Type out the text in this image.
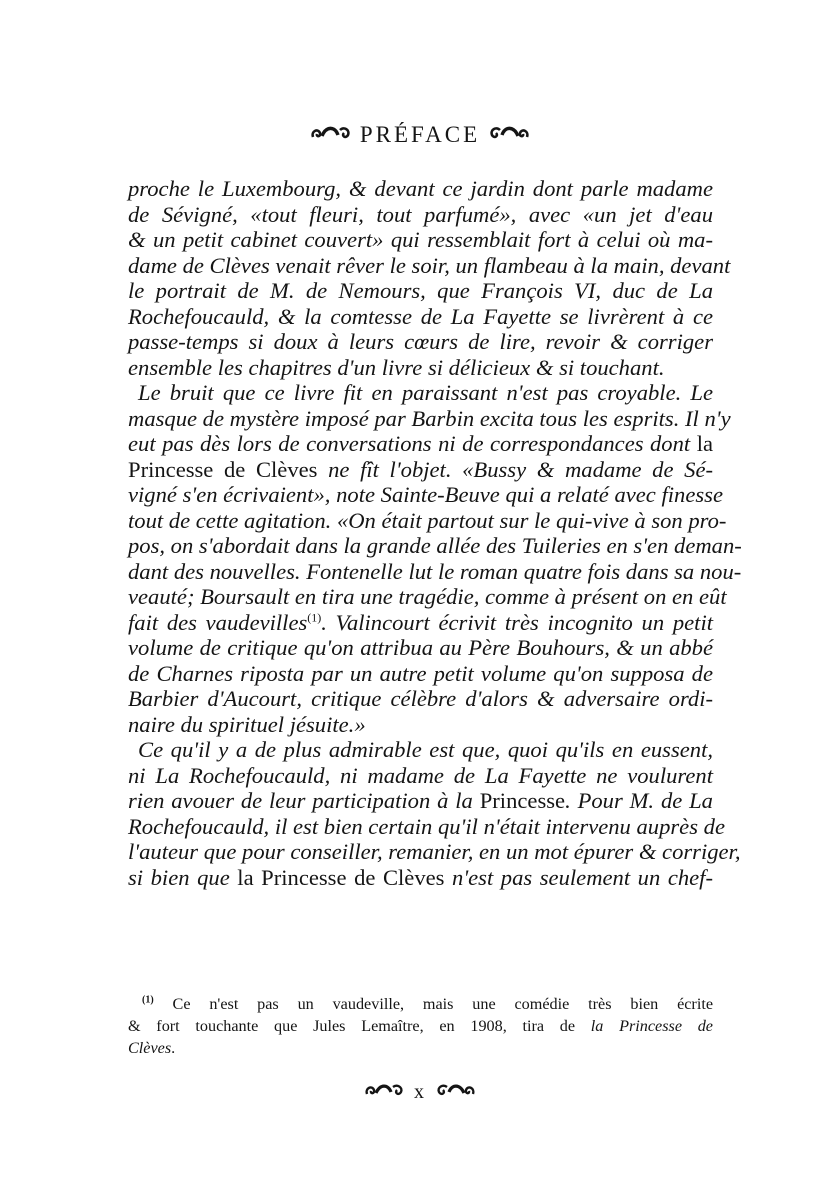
PRÉFACE
proche le Luxembourg, & devant ce jardin dont parle madame
de Sévigné, «tout fleuri, tout parfumé», avec «un jet d'eau
& un petit cabinet couvert» qui ressemblait fort à celui où ma-
dame de Clèves venait rêver le soir, un flambeau à la main, devant
le portrait de M. de Nemours, que François VI, duc de La
Rochefoucauld, & la comtesse de La Fayette se livrèrent à ce
passe-temps si doux à leurs cœurs de lire, revoir & corriger
ensemble les chapitres d'un livre si délicieux & si touchant.
Le bruit que ce livre fit en paraissant n'est pas croyable. Le
masque de mystère imposé par Barbin excita tous les esprits. Il n'y
eut pas dès lors de conversations ni de correspondances dont la
Princesse de Clèves ne fît l'objet. «Bussy & madame de Sé-
vigné s'en écrivaient», note Sainte-Beuve qui a relaté avec finesse
tout de cette agitation. «On était partout sur le qui-vive à son pro-
pos, on s'abordait dans la grande allée des Tuileries en s'en deman-
dant des nouvelles. Fontenelle lut le roman quatre fois dans sa nou-
veauté; Boursault en tira une tragédie, comme à présent on en eût
fait des vaudevilles$^{(1)}$. Valincourt écrivit très incognito un petit
volume de critique qu'on attribua au Père Bouhours, & un abbé
de Charnes riposta par un autre petit volume qu'on supposa de
Barbier d'Aucourt, critique célèbre d'alors & adversaire ordi-
naire du spirituel jésuite.»
Ce qu'il y a de plus admirable est que, quoi qu'ils en eussent,
ni La Rochefoucauld, ni madame de La Fayette ne voulurent
rien avouer de leur participation à la Princesse. Pour M. de La
Rochefoucauld, il est bien certain qu'il n'était intervenu auprès de
l'auteur que pour conseiller, remanier, en un mot épurer & corriger,
si bien que la Princesse de Clèves n'est pas seulement un chef-
$^{(1)}$ Ce n'est pas un vaudeville, mais une comédie très bien écrite
& fort touchante que Jules Lemaître, en 1908, tira de la Princesse de
Clèves.
x
